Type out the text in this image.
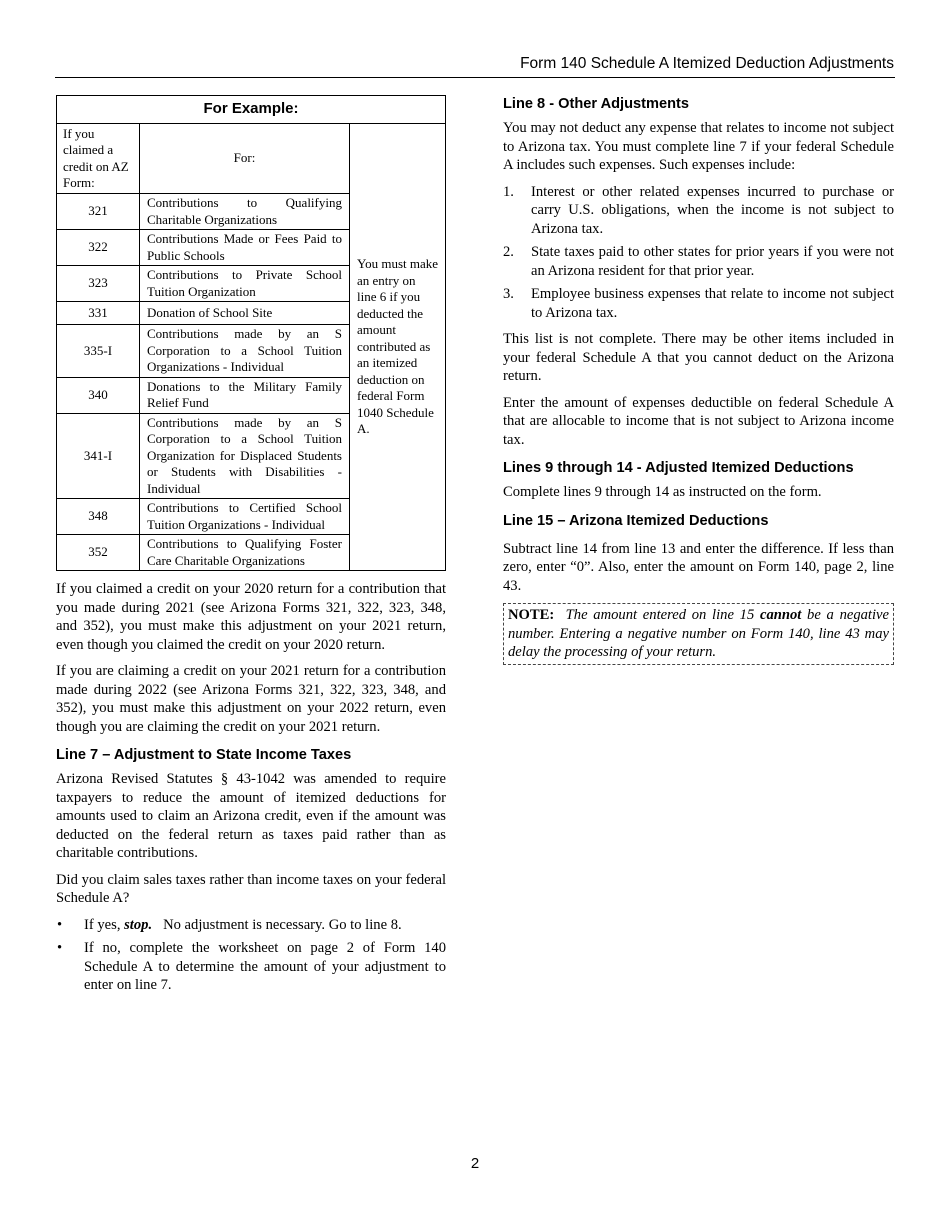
Form 140 Schedule A Itemized Deduction Adjustments
For Example:		
If you claimed a credit on AZ Form:	For:	You must make an entry on line 6 if you deducted the amount contributed as an itemized deduction on federal Form 1040 Schedule A.
321	Contributions to Qualifying Charitable Organizations	
322	Contributions Made or Fees Paid to Public Schools	
323	Contributions to Private School Tuition Organization	
331	Donation of School Site	
335-I	Contributions made by an S Corporation to a School Tuition Organizations - Individual	
340	Donations to the Military Family Relief Fund	
341-I	Contributions made by an S Corporation to a School Tuition Organization for Displaced Students or Students with Disabilities - Individual	
348	Contributions to Certified School Tuition Organizations - Individual	
352	Contributions to Qualifying Foster Care Charitable Organizations	

If you claimed a credit on your 2020 return for a contribution that you made during 2021 (see Arizona Forms 321, 322, 323, 348, and 352), you must make this adjustment on your 2021 return, even though you claimed the credit on your 2020 return.

If you are claiming a credit on your 2021 return for a contribution made during 2022 (see Arizona Forms 321, 322, 323, 348, and 352), you must make this adjustment on your 2022 return, even though you are claiming the credit on your 2021 return.

Line 7 – Adjustment to State Income Taxes

Arizona Revised Statutes § 43-1042 was amended to require taxpayers to reduce the amount of itemized deductions for amounts used to claim an Arizona credit, even if the amount was deducted on the federal return as taxes paid rather than as charitable contributions.

Did you claim sales taxes rather than income taxes on your federal Schedule A?

• If yes, stop. No adjustment is necessary. Go to line 8.
• If no, complete the worksheet on page 2 of Form 140 Schedule A to determine the amount of your adjustment to enter on line 7.
Line 8 - Other Adjustments

You may not deduct any expense that relates to income not subject to Arizona tax. You must complete line 7 if your federal Schedule A includes such expenses. Such expenses include:

1. Interest or other related expenses incurred to purchase or carry U.S. obligations, when the income is not subject to Arizona tax.
2. State taxes paid to other states for prior years if you were not an Arizona resident for that prior year.
3. Employee business expenses that relate to income not subject to Arizona tax.

This list is not complete. There may be other items included in your federal Schedule A that you cannot deduct on the Arizona return.

Enter the amount of expenses deductible on federal Schedule A that are allocable to income that is not subject to Arizona income tax.

Lines 9 through 14 - Adjusted Itemized Deductions

Complete lines 9 through 14 as instructed on the form.

Line 15 – Arizona Itemized Deductions

Subtract line 14 from line 13 and enter the difference. If less than zero, enter “0”. Also, enter the amount on Form 140, page 2, line 43.

NOTE: The amount entered on line 15 cannot be a negative number. Entering a negative number on Form 140, line 43 may delay the processing of your return.

2
